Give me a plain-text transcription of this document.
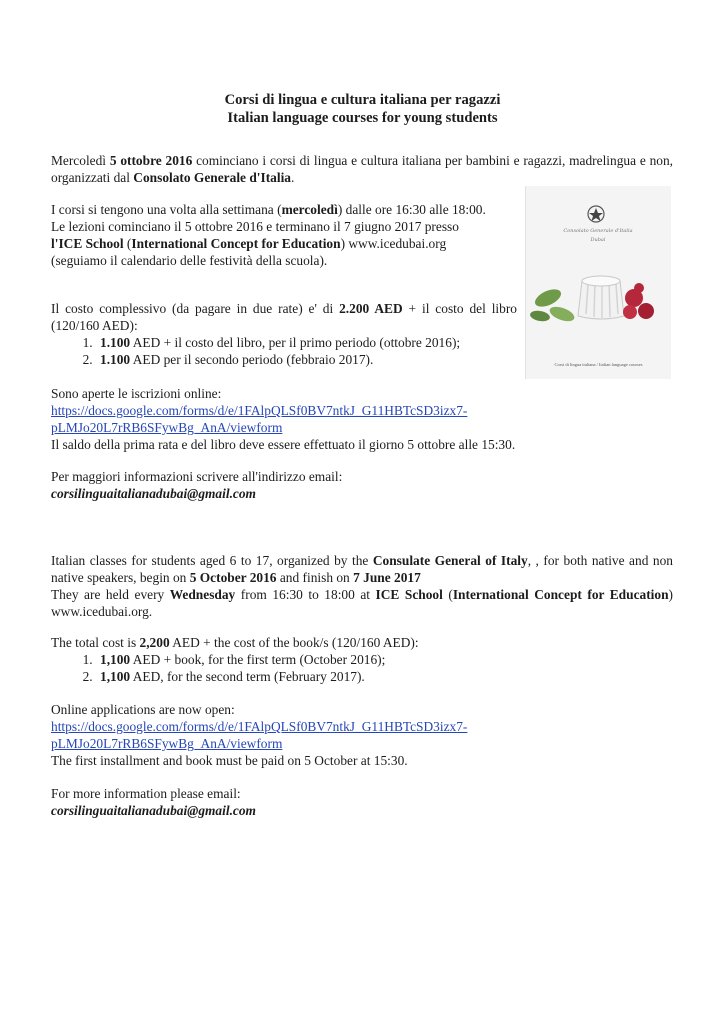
Corsi di lingua e cultura italiana per ragazzi
Italian language courses for young students

Mercoledì 5 ottobre 2016 cominciano i corsi di lingua e cultura italiana per bambini e ragazzi, madrelingua e non, organizzati dal Consolato Generale d'Italia.

I corsi si tengono una volta alla settimana (mercoledì) dalle ore 16:30 alle 18:00.
Le lezioni cominciano il 5 ottobre 2016 e terminano il 7 giugno 2017 presso
l'ICE School (International Concept for Education) www.icedubai.org
(seguiamo il calendario delle festività della scuola).
Il costo complessivo (da pagare in due rate) e' di 2.200 AED + il costo del libro (120/160 AED):
1. 1.100 AED + il costo del libro, per il primo periodo (ottobre 2016);
2. 1.100 AED per il secondo periodo (febbraio 2017).
Sono aperte le iscrizioni online:
https://docs.google.com/forms/d/e/1FAlpQLSf0BV7ntkJ_G11HBTcSD3izx7-
pLMJo20L7rRB6SFywBg_AnA/viewform
Il saldo della prima rata e del libro deve essere effettuato il giorno 5 ottobre alle 15:30.
Per maggiori informazioni scrivere all'indirizzo email:
corsilinguaitalianadubai@gmail.com
Italian classes for students aged 6 to 17, organized by the Consulate General of Italy, , for both native and non native speakers, begin on 5 October 2016 and finish on 7 June 2017
They are held every Wednesday from 16:30 to 18:00 at ICE School (International Concept for Education) www.icedubai.org.
The total cost is 2,200 AED + the cost of the book/s (120/160 AED):
1. 1,100 AED + book, for the first term (October 2016);
2. 1,100 AED, for the second term (February 2017).
Online applications are now open:
https://docs.google.com/forms/d/e/1FAlpQLSf0BV7ntkJ_G11HBTcSD3izx7-
pLMJo20L7rRB6SFywBg_AnA/viewform
The first installment and book must be paid on 5 October at 15:30.
For more information please email:
corsilinguaitalianadubai@gmail.com
Consolato Generale d'Italia
Dubai
Corsi di lingua italiana / Italian language courses
